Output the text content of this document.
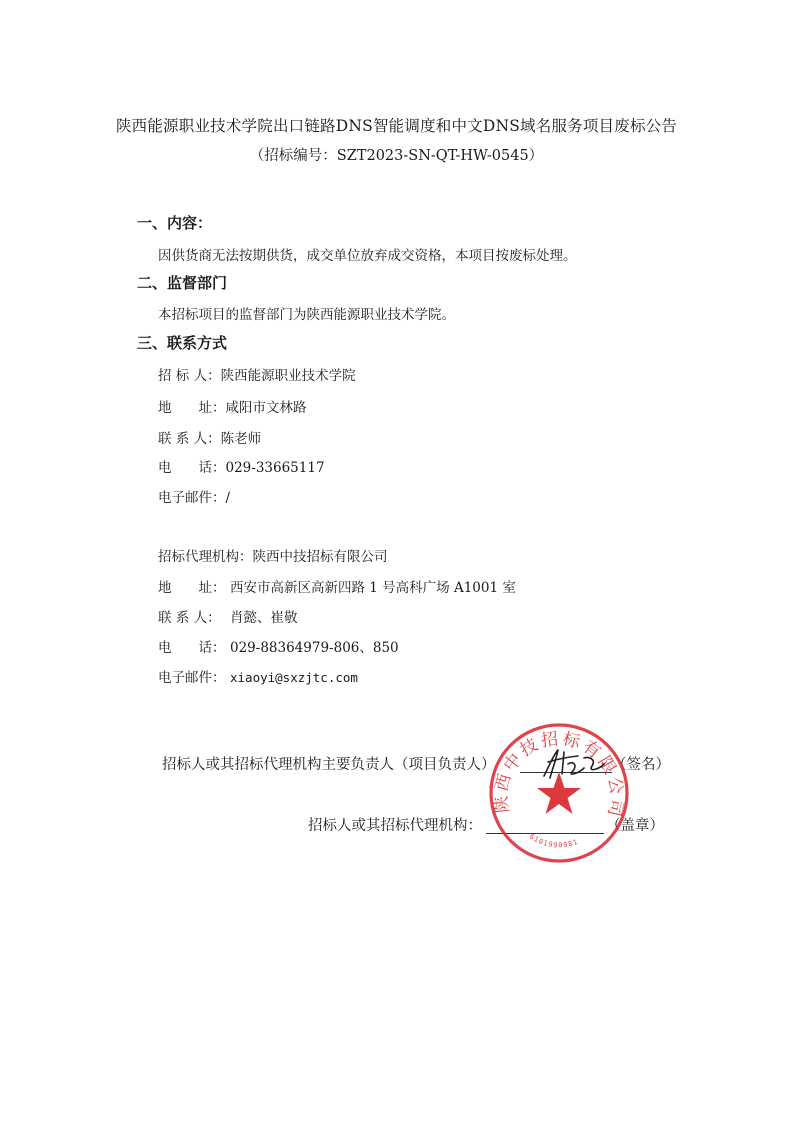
陕西能源职业技术学院出口链路DNS智能调度和中文DNS域名服务项目废标公告
（招标编号：SZT2023-SN-QT-HW-0545）
一、内容：
因供货商无法按期供货，成交单位放弃成交资格，本项目按废标处理。
二、监督部门
本招标项目的监督部门为陕西能源职业技术学院。
三、联系方式
招 标 人：陕西能源职业技术学院
地　　址：咸阳市文林路
联 系 人：陈老师
电　　话：029-33665117
电子邮件：/
招标代理机构：陕西中技招标有限公司
地　　址： 西安市高新区高新四路 1 号高科广场 A1001 室
联 系 人： 肖懿、崔敬
电　　话： 029-88364979-806、850
电子邮件： xiaoyi@sxzjtc.com
招标人或其招标代理机构主要负责人（项目负责人）	（签名）
招标人或其招标代理机构：	（盖章）
陕西中技招标有限公司
6101990081
